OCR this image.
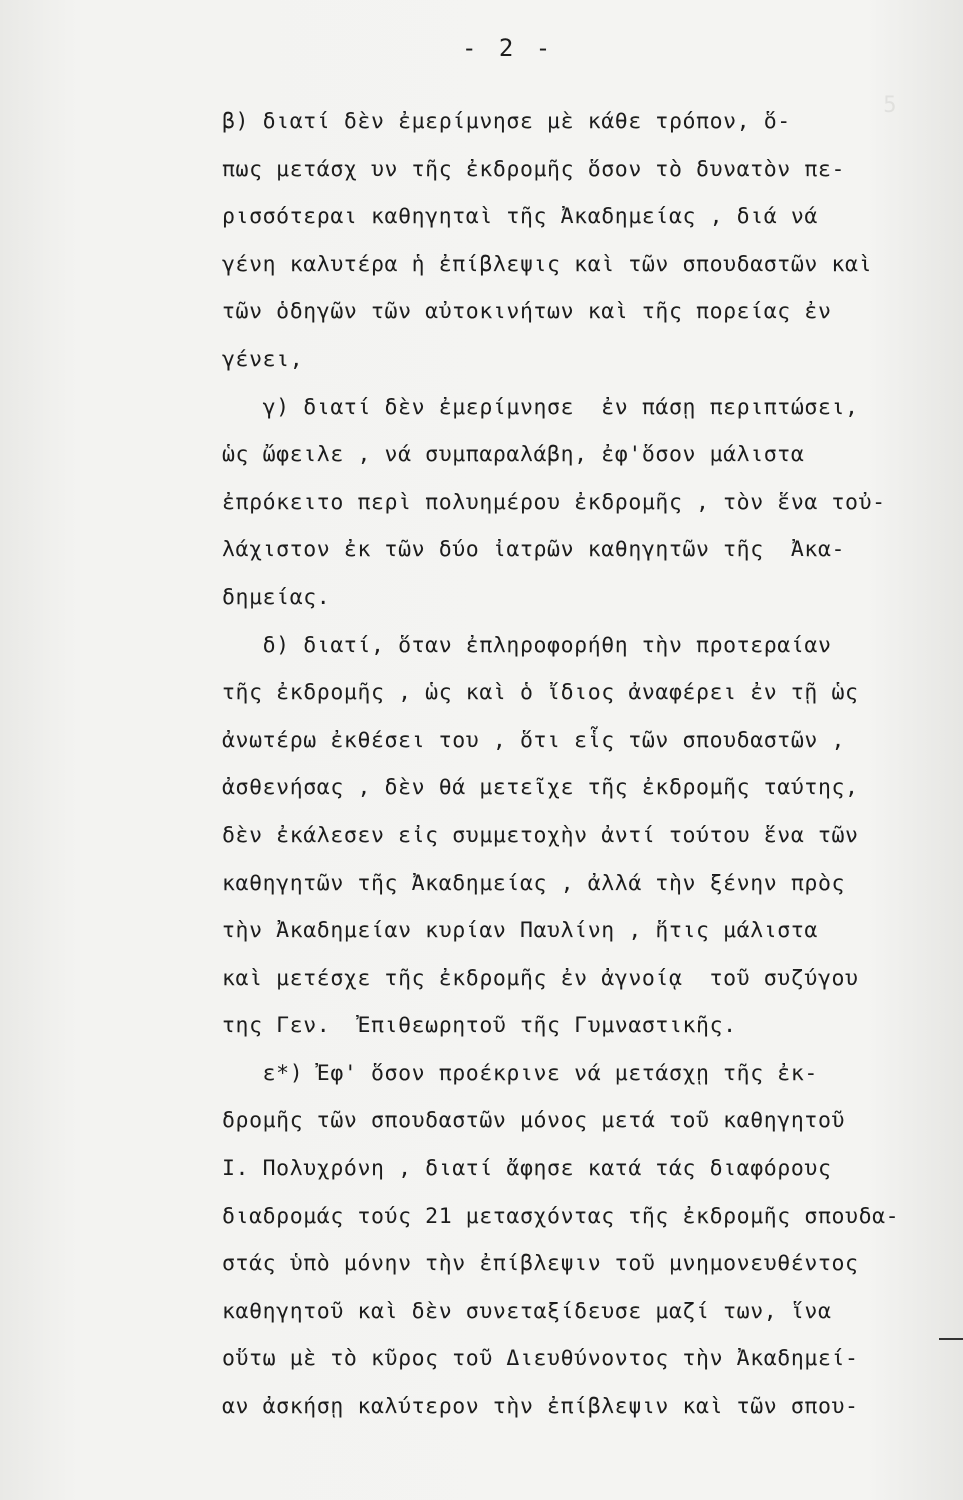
5
- 2 -
β) διατί δὲν ἐμερίμνησε μὲ κάθε τρόπον, ὅ-
πως μετάσχ υν τῆς ἐκδρομῆς ὅσον τὸ δυνατὸν πε-
ρισσότεραι καθηγηταὶ τῆς Ἀκαδημείας , διά νά
γένη καλυτέρα ἡ ἐπίβλεψις καὶ τῶν σπουδαστῶν καὶ
τῶν ὁδηγῶν τῶν αὐτοκινήτων καὶ τῆς πορείας ἐν
γένει,
γ) διατί δὲν ἐμερίμνησε  ἐν πάσῃ περιπτώσει,
ὡς ὤφειλε , νά συμπαραλάβη, ἐφ'ὅσον μάλιστα
ἐπρόκειτο περὶ πολυημέρου ἐκδρομῆς , τὸν ἕνα τοὐ-
λάχιστον ἐκ τῶν δύο ἰατρῶν καθηγητῶν τῆς  Ἀκα-
δημείας.
δ) διατί, ὅταν ἐπληροφορήθη τὴν προτεραίαν
τῆς ἐκδρομῆς , ὡς καὶ ὁ ἴδιος ἀναφέρει ἐν τῇ ὡς
ἀνωτέρω ἐκθέσει του , ὅτι εἷς τῶν σπουδαστῶν ,
ἀσθενήσας , δὲν θά μετεῖχε τῆς ἐκδρομῆς ταύτης,
δὲν ἐκάλεσεν εἰς συμμετοχὴν ἀντί τούτου ἕνα τῶν
καθηγητῶν τῆς Ἀκαδημείας , ἀλλά τὴν ξένην πρὸς
τὴν Ἀκαδημείαν κυρίαν Παυλίνη , ἥτις μάλιστα
καὶ μετέσχε τῆς ἐκδρομῆς ἐν ἀγνοίᾳ  τοῦ συζύγου
της Γεν.  Ἐπιθεωρητοῦ τῆς Γυμναστικῆς.
ε*) Ἐφ' ὅσον προέκρινε νά μετάσχῃ τῆς ἐκ-
δρομῆς τῶν σπουδαστῶν μόνος μετά τοῦ καθηγητοῦ
Ι. Πολυχρόνη , διατί ἄφησε κατά τάς διαφόρους
διαδρομάς τούς 21 μετασχόντας τῆς ἐκδρομῆς σπουδα-
στάς ὑπὸ μόνην τὴν ἐπίβλεψιν τοῦ μνημονευθέντος
καθηγητοῦ καὶ δὲν συνεταξίδευσε μαζί των, ἵνα
οὕτω μὲ τὸ κῦρος τοῦ Διευθύνοντος τὴν Ἀκαδημεί-
αν ἀσκήσῃ καλύτερον τὴν ἐπίβλεψιν καὶ τῶν σπου-
